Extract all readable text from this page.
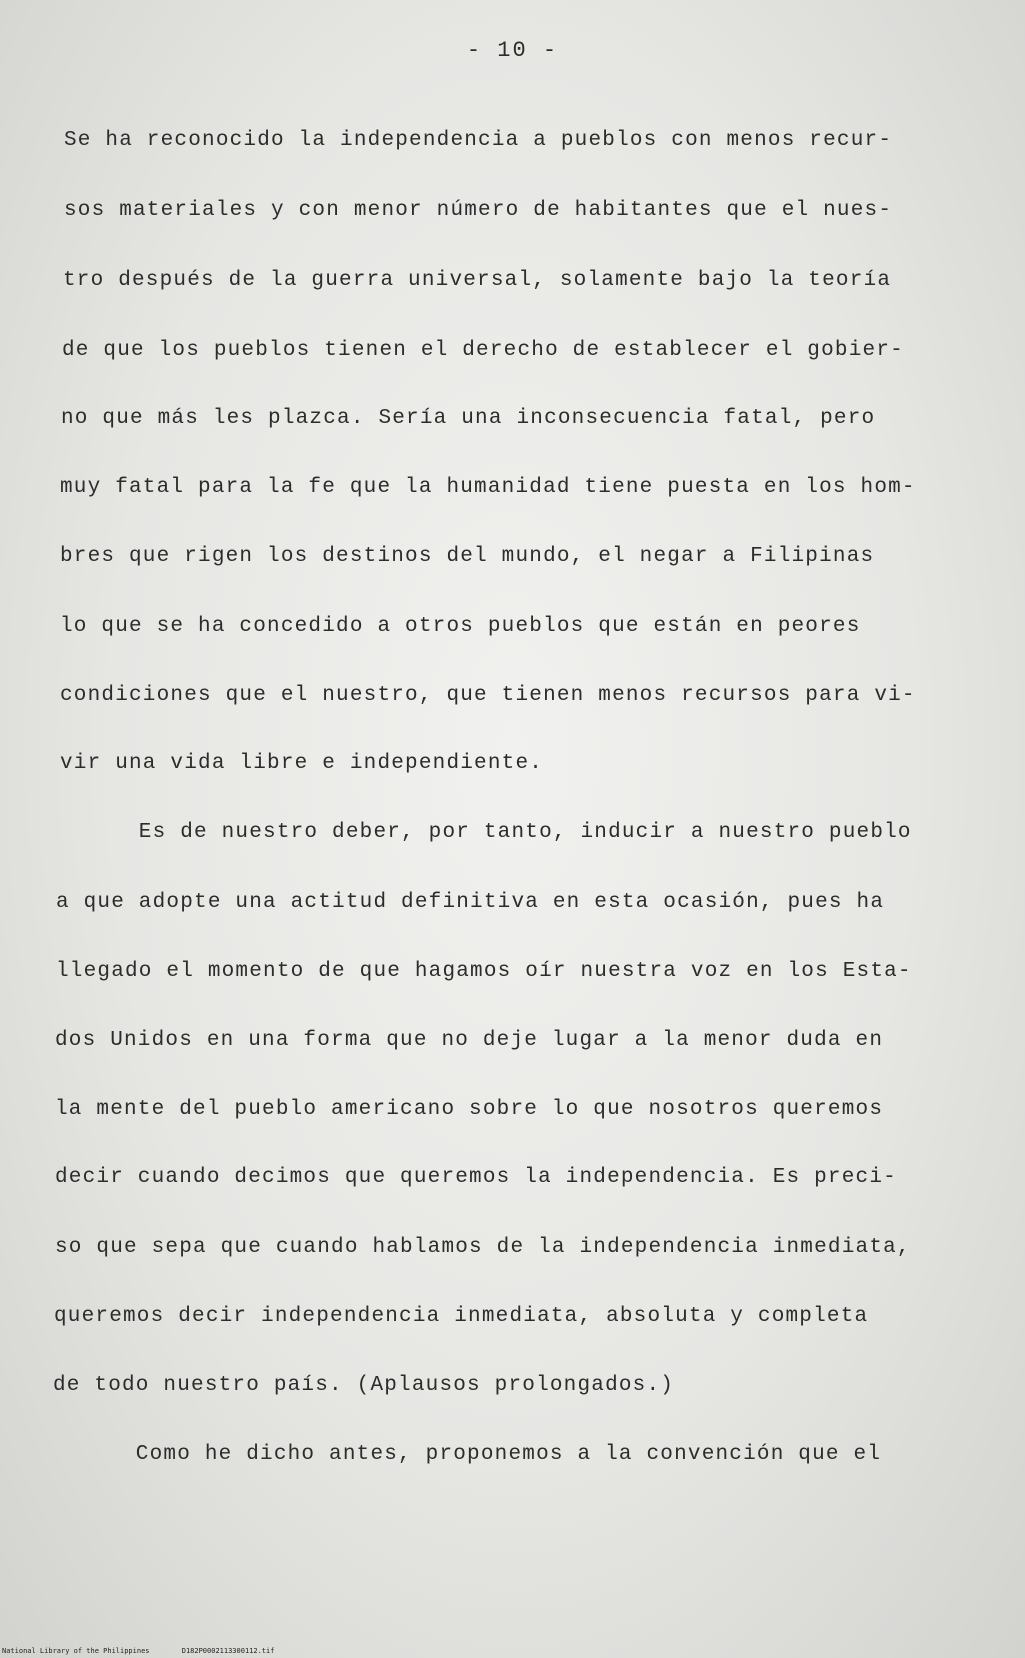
- 10 -
Se ha reconocido la independencia a pueblos con menos recur-
sos materiales y con menor número de habitantes que el nues-
tro después de la guerra universal, solamente bajo la teoría
de que los pueblos tienen el derecho de establecer el gobier-
no que más les plazca. Sería una inconsecuencia fatal, pero
muy fatal para la fe que la humanidad tiene puesta en los hom-
bres que rigen los destinos del mundo, el negar a Filipinas
lo que se ha concedido a otros pueblos que están en peores
condiciones que el nuestro, que tienen menos recursos para vi-
vir una vida libre e independiente.
Es de nuestro deber, por tanto, inducir a nuestro pueblo
a que adopte una actitud definitiva en esta ocasión, pues ha
llegado el momento de que hagamos oír nuestra voz en los Esta-
dos Unidos en una forma que no deje lugar a la menor duda en
la mente del pueblo americano sobre lo que nosotros queremos
decir cuando decimos que queremos la independencia. Es preci-
so que sepa que cuando hablamos de la independencia inmediata,
queremos decir independencia inmediata, absoluta y completa
de todo nuestro país. (Aplausos prolongados.)
Como he dicho antes, proponemos a la convención que el
National Library of the Philippines	D182P0002113300112.tif
